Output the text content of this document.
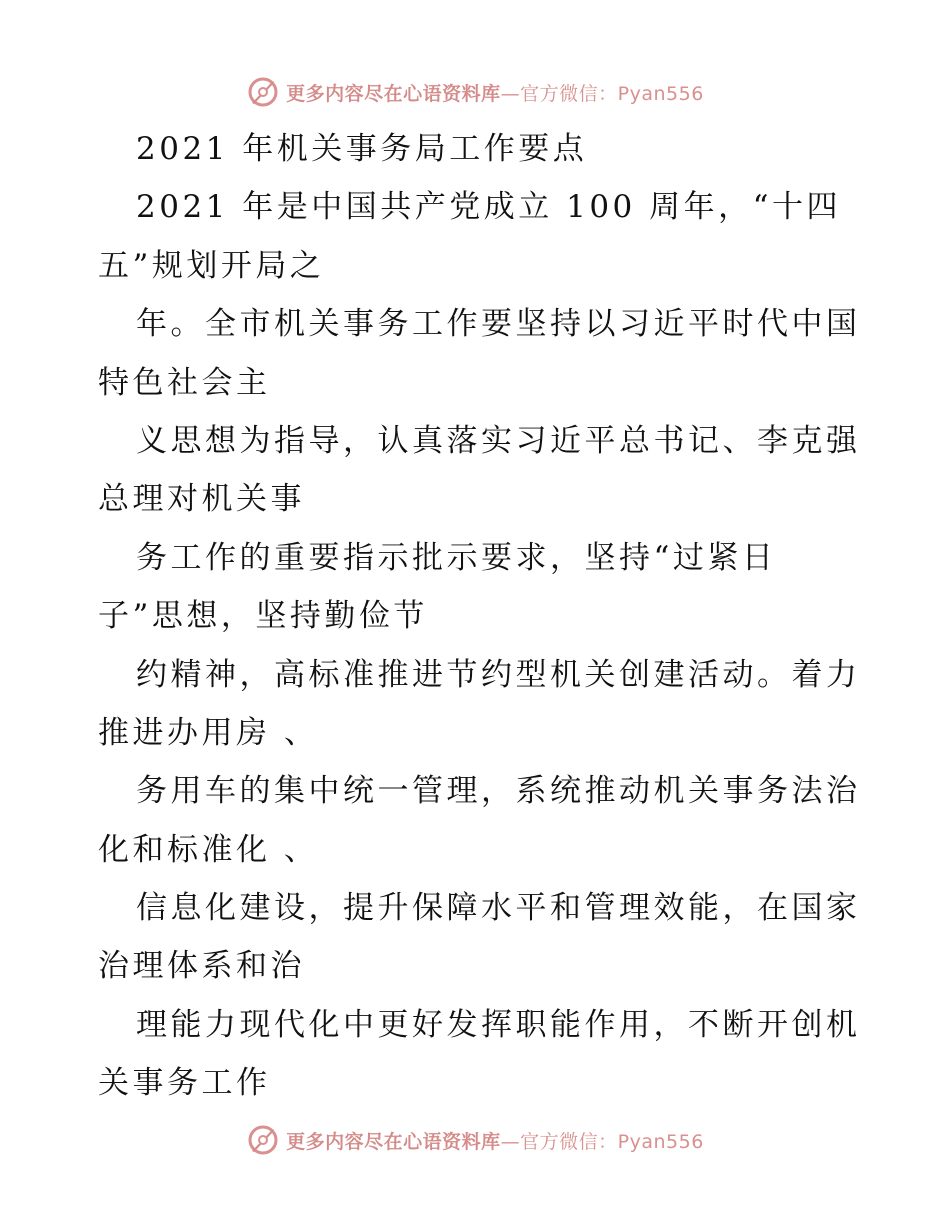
更多内容尽在心语资料库—官方微信：Pyan556
2021 年机关事务局工作要点
2021 年是中国共产党成立 100 周年，“十四
五”规划开局之
年。全市机关事务工作要坚持以习近平时代中国
特色社会主
义思想为指导，认真落实习近平总书记、李克强
总理对机关事
务工作的重要指示批示要求，坚持“过紧日
子”思想，坚持勤俭节
约精神，高标准推进节约型机关创建活动。着力
推进办用房 、
务用车的集中统一管理，系统推动机关事务法治
化和标准化 、
信息化建设，提升保障水平和管理效能，在国家
治理体系和治
理能力现代化中更好发挥职能作用，不断开创机
关事务工作
更多内容尽在心语资料库—官方微信：Pyan556
